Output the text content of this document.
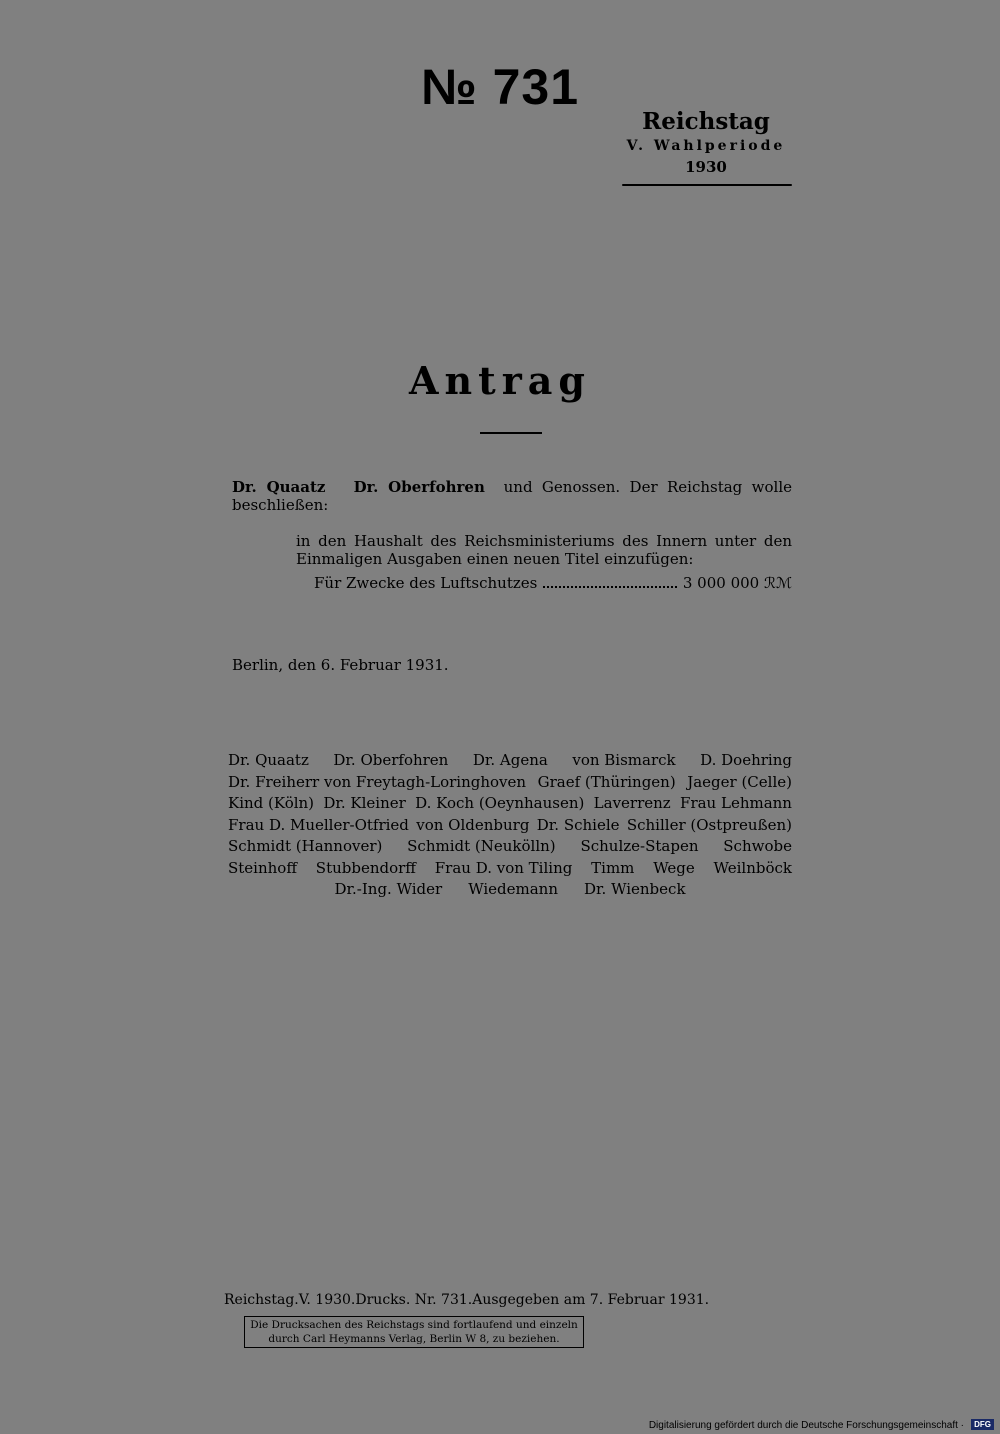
№ 731
Reichstag
V. Wahlperiode
1930
Antrag
Dr. Quaatz Dr. Oberfohren und Genossen. Der Reichstag wolle beschließen:
in den Haushalt des Reichsministeriums des Innern unter den Einmaligen Ausgaben einen neuen Titel einzufügen:
Für Zwecke des Luftschutzes	3 000 000 ℛℳ
Berlin, den 6. Februar 1931.
Dr. Quaatz Dr. Oberfohren Dr. Agena von Bismarck D. Doehring
Dr. Freiherr von Freytagh-Loringhoven Graef (Thüringen) Jaeger (Celle)
Kind (Köln) Dr. Kleiner D. Koch (Oeynhausen) Laverrenz Frau Lehmann
Frau D. Mueller-Otfried von Oldenburg Dr. Schiele Schiller (Ostpreußen)
Schmidt (Hannover) Schmidt (Neukölln) Schulze-Stapen Schwobe
Steinhoff Stubbendorff Frau D. von Tiling Timm Wege Weilnböck
Dr.-Ing. Wider Wiedemann Dr. Wienbeck
Reichstag. V. 1930. Drucks. Nr. 731. Ausgegeben am 7. Februar 1931.
Die Drucksachen des Reichstags sind fortlaufend und einzeln
durch Carl Heymanns Verlag, Berlin W 8, zu beziehen.
Digitalisierung gefördert durch die Deutsche Forschungsgemeinschaft ·	DFG
